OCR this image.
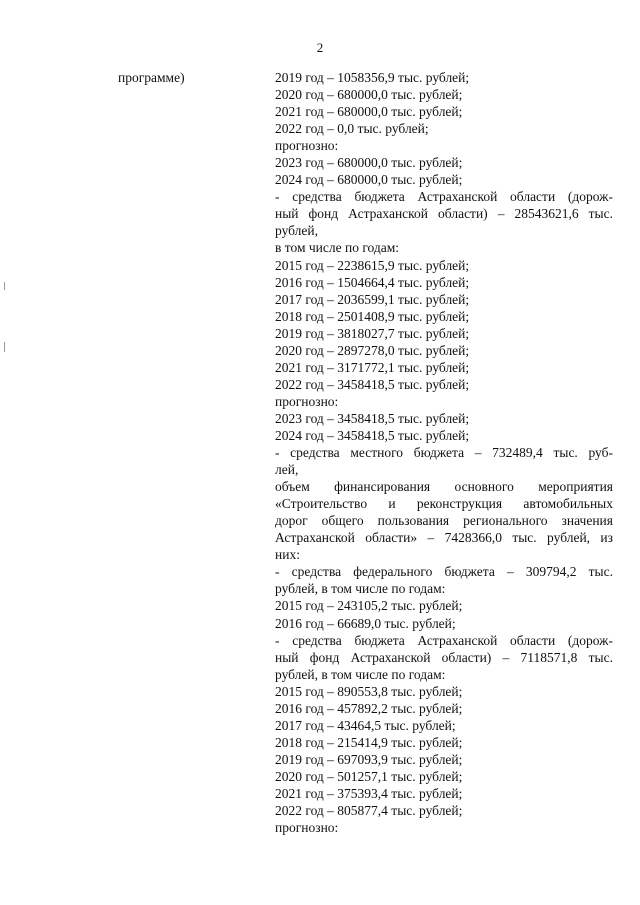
2
программе)	2019 год – 1058356,9 тыс. рублей;
2020 год – 680000,0 тыс. рублей;
2021 год – 680000,0 тыс. рублей;
2022 год – 0,0 тыс. рублей;
прогнозно:
2023 год – 680000,0 тыс. рублей;
2024 год – 680000,0 тыс. рублей;
- средства бюджета Астраханской области (дорож-
ный фонд Астраханской области) – 28543621,6 тыс.
рублей,
в том числе по годам:
2015 год – 2238615,9 тыс. рублей;
2016 год – 1504664,4 тыс. рублей;
2017 год – 2036599,1 тыс. рублей;
2018 год – 2501408,9 тыс. рублей;
2019 год – 3818027,7 тыс. рублей;
2020 год – 2897278,0 тыс. рублей;
2021 год – 3171772,1 тыс. рублей;
2022 год – 3458418,5 тыс. рублей;
прогнозно:
2023 год – 3458418,5 тыс. рублей;
2024 год – 3458418,5 тыс. рублей;
- средства местного бюджета – 732489,4 тыс. руб-
лей,
объем финансирования основного мероприятия
«Строительство и реконструкция автомобильных
дорог общего пользования регионального значения
Астраханской области» – 7428366,0 тыс. рублей, из
них:
- средства федерального бюджета – 309794,2 тыс.
рублей, в том числе по годам:
2015 год – 243105,2 тыс. рублей;
2016 год – 66689,0 тыс. рублей;
- средства бюджета Астраханской области (дорож-
ный фонд Астраханской области) – 7118571,8 тыс.
рублей, в том числе по годам:
2015 год – 890553,8 тыс. рублей;
2016 год – 457892,2 тыс. рублей;
2017 год – 43464,5 тыс. рублей;
2018 год – 215414,9 тыс. рублей;
2019 год – 697093,9 тыс. рублей;
2020 год – 501257,1 тыс. рублей;
2021 год – 375393,4 тыс. рублей;
2022 год – 805877,4 тыс. рублей;
прогнозно:
